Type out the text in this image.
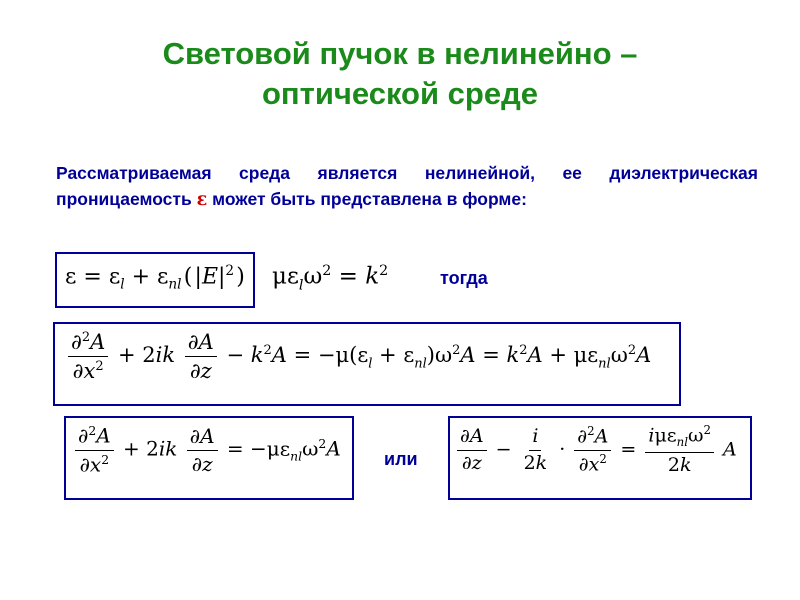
Световой пучок в нелинейно –
оптической среде
Рассматриваемая среда является нелинейной, ее диэлектрическая проницаемость ε может быть представлена в форме:
$\varepsilon = \varepsilon_l + \varepsilon_{nl}$ ( $|E|^2$ ) $\mu\varepsilon_l\omega^2 = k^2$	тогда
$\frac{\partial^2A}{\partial x^2} + 2ik \frac{\partial A}{\partial z} - k^2A = -\mu(\varepsilon_l + \varepsilon_{nl})\omega^2A = k^2A + \mu\varepsilon_{nl}\omega^2A$
$\frac{\partial^2A}{\partial x^2} + 2ik \frac{\partial A}{\partial z} = -\mu\varepsilon_{nl}\omega^2A$ или $\frac{\partial A}{\partial z} - \frac{i}{2k} \cdot \frac{\partial^2A}{\partial x^2} = \frac{i\mu\varepsilon_{nl}\omega^2}{2k}$ A
